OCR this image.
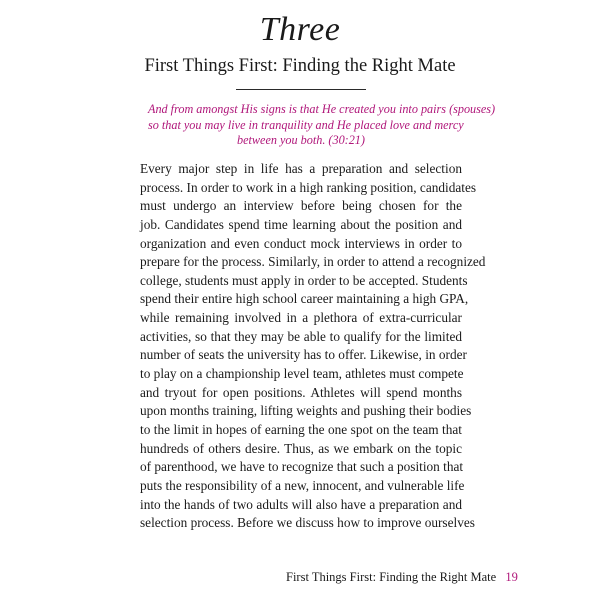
Three
First Things First: Finding the Right Mate
And from amongst His signs is that He created you into pairs (spouses)
so that you may live in tranquility and He placed love and mercy
between you both. (30:21)
Every major step in life has a preparation and selection
process. In order to work in a high ranking position, candidates
must undergo an interview before being chosen for the
job. Candidates spend time learning about the position and
organization and even conduct mock interviews in order to
prepare for the process. Similarly, in order to attend a recognized
college, students must apply in order to be accepted. Students
spend their entire high school career maintaining a high GPA,
while remaining involved in a plethora of extra-curricular
activities, so that they may be able to qualify for the limited
number of seats the university has to offer. Likewise, in order
to play on a championship level team, athletes must compete
and tryout for open positions. Athletes will spend months
upon months training, lifting weights and pushing their bodies
to the limit in hopes of earning the one spot on the team that
hundreds of others desire. Thus, as we embark on the topic
of parenthood, we have to recognize that such a position that
puts the responsibility of a new, innocent, and vulnerable life
into the hands of two adults will also have a preparation and
selection process. Before we discuss how to improve ourselves
First Things First: Finding the Right Mate 19
